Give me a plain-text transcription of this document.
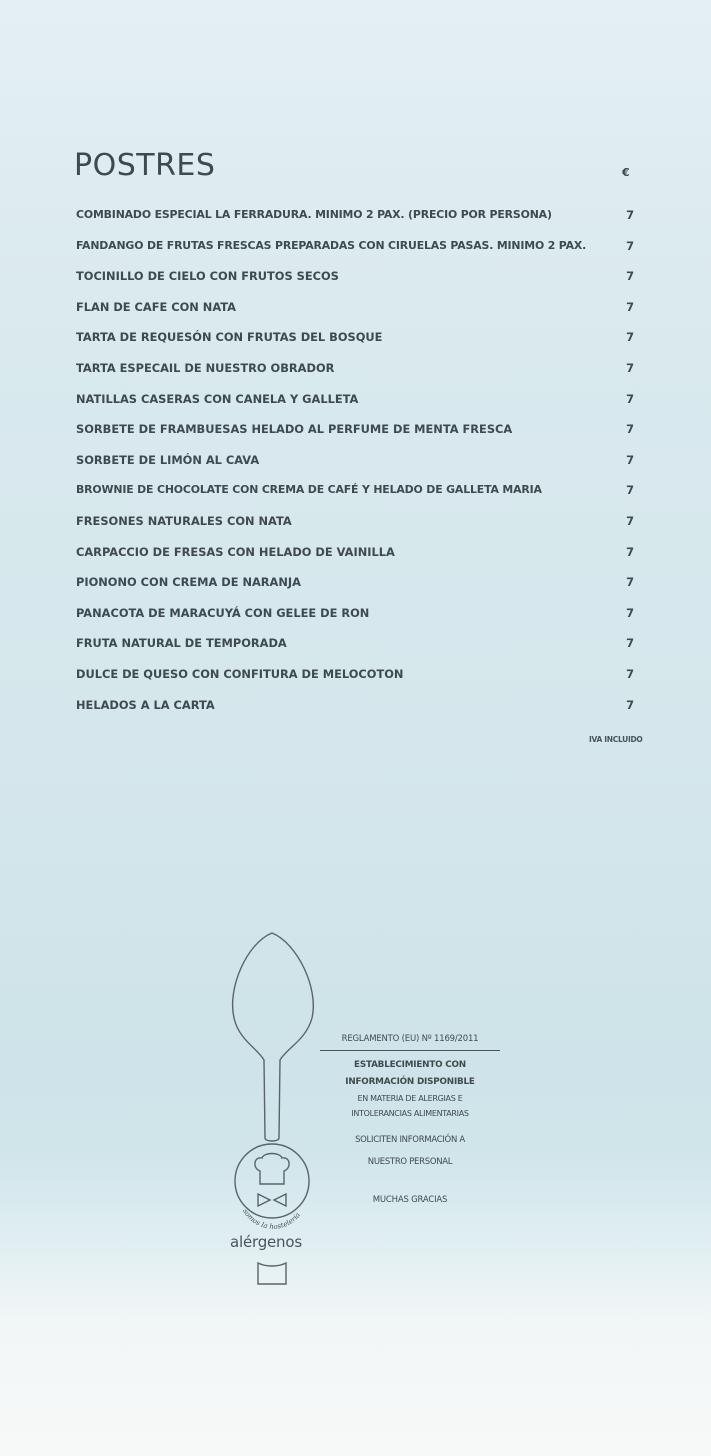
POSTRES	€
COMBINADO ESPECIAL LA FERRADURA. MINIMO 2 PAX. (PRECIO POR PERSONA)	7
FANDANGO DE FRUTAS FRESCAS PREPARADAS CON CIRUELAS PASAS. MINIMO 2 PAX.	7
TOCINILLO DE CIELO CON FRUTOS SECOS	7
FLAN DE CAFE CON NATA	7
TARTA DE REQUESÓN CON FRUTAS DEL BOSQUE	7
TARTA ESPECAIL DE NUESTRO OBRADOR	7
NATILLAS CASERAS CON CANELA Y GALLETA	7
SORBETE DE FRAMBUESAS HELADO AL PERFUME DE MENTA FRESCA	7
SORBETE DE LIMÓN AL CAVA	7
BROWNIE DE CHOCOLATE CON CREMA DE CAFÉ Y HELADO DE GALLETA MARIA	7
FRESONES NATURALES CON NATA	7
CARPACCIO DE FRESAS CON HELADO DE VAINILLA	7
PIONONO CON CREMA DE NARANJA	7
PANACOTA DE MARACUYÁ CON GELEE DE RON	7
FRUTA NATURAL DE TEMPORADA	7
DULCE DE QUESO CON CONFITURA DE MELOCOTON	7
HELADOS A LA CARTA	7
IVA INCLUIDO
somos la hostelería
alérgenos
REGLAMENTO (EU) Nº 1169/2011
ESTABLECIMIENTO CON
INFORMACIÓN DISPONIBLE
EN MATERIA DE ALERGIAS E
INTOLERANCIAS ALIMENTARIAS
SOLICITEN INFORMACIÓN A
NUESTRO PERSONAL
MUCHAS GRACIAS
